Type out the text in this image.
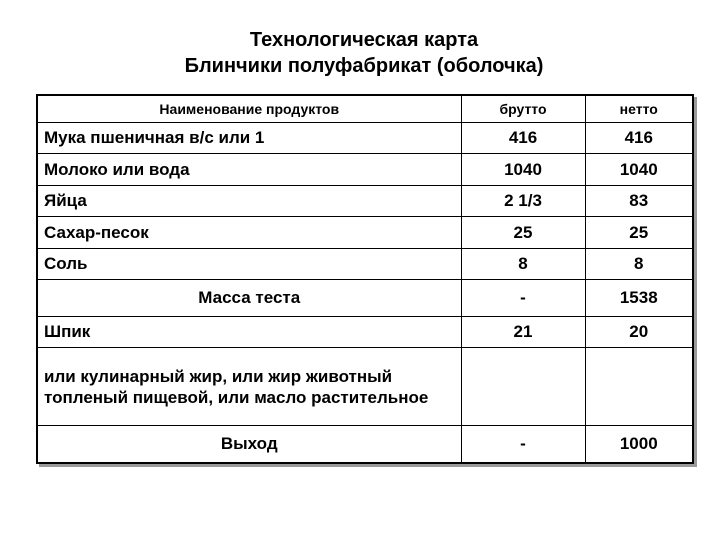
Технологическая карта
Блинчики полуфабрикат (оболочка)
Наименование продуктов	брутто	нетто
Мука пшеничная в/с или 1	416	416
Молоко или вода	1040	1040
Яйца	2 1/3	83
Сахар-песок	25	25
Соль	8	8
Масса теста	-	1538
Шпик	21	20
или кулинарный жир, или жир животный топленый пищевой, или масло растительное		
Выход	-	1000
